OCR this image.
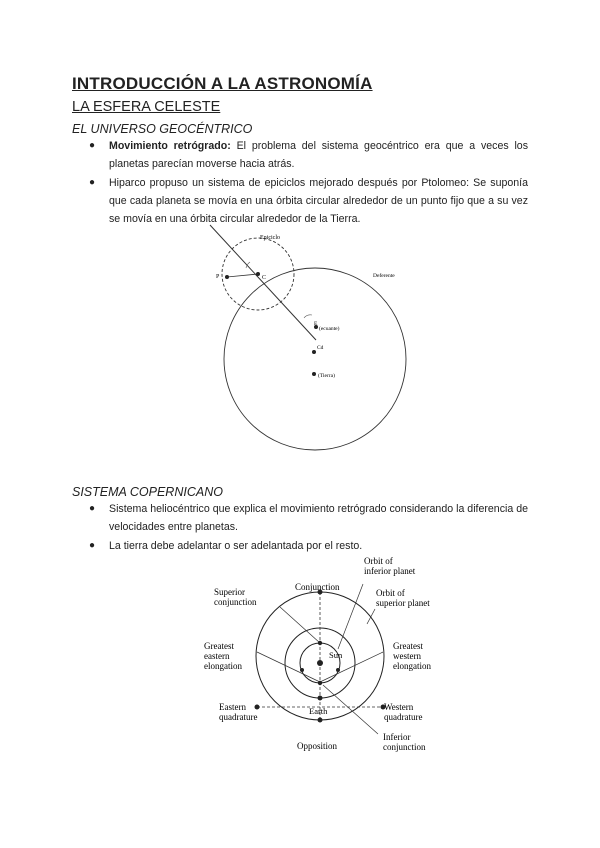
INTRODUCCIÓN A LA ASTRONOMÍA
LA ESFERA CELESTE
EL UNIVERSO GEOCÉNTRICO
● Movimiento retrógrado: El problema del sistema geocéntrico era que a veces los planetas parecían moverse hacia atrás.
● Hiparco propuso un sistema de epiciclos mejorado después por Ptolomeo: Se suponía que cada planeta se movía en una órbita circular alrededor de un punto fijo que a su vez se movía en una órbita circular alrededor de la Tierra.
Epiciclo
Deferente
P	C
E
(ecuante)
Cd
(Tierra)
SISTEMA COPERNICANO
● Sistema heliocéntrico que explica el movimiento retrógrado considerando la diferencia de velocidades entre planetas.
● La tierra debe adelantar o ser adelantada por el resto.
Orbit of inferior planet
Orbit of superior planet
Conjunction
Superior conjunction
Greatest eastern elongation
Greatest western elongation
Sun
Earth
Eastern quadrature
Western quadrature
Inferior conjunction
Opposition
